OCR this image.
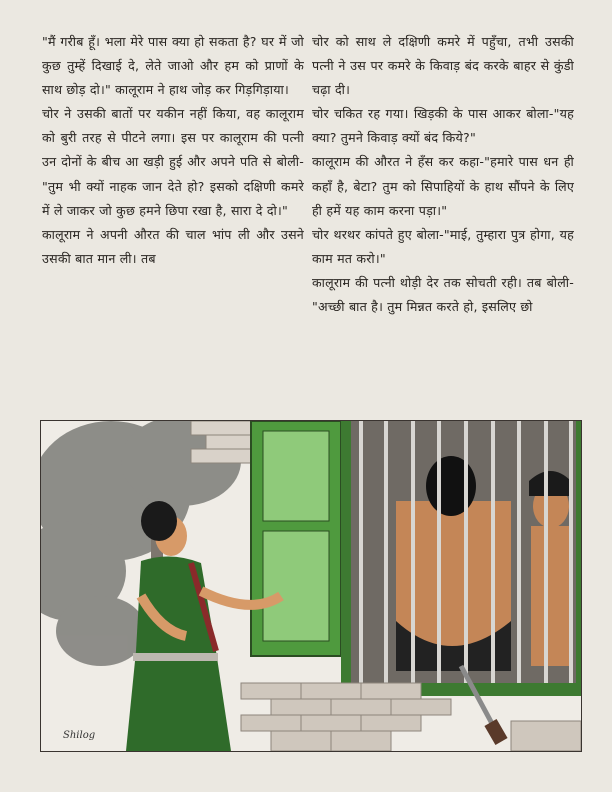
"मैं गरीब हूँ। भला मेरे पास क्या हो सकता है? घर में जो कुछ तुम्हें दिखाई दे, लेते जाओ और हम को प्राणों के साथ छोड़ दो।" कालूराम ने हाथ जोड़ कर गिड़गिड़ाया।

चोर ने उसकी बातों पर यकीन नहीं किया, वह कालूराम को बुरी तरह से पीटने लगा। इस पर कालूराम की पत्नी उन दोनों के बीच आ खड़ी हुई और अपने पति से बोली-"तुम भी क्यों नाहक जान देते हो? इसको दक्षिणी कमरे में ले जाकर जो कुछ हमने छिपा रखा है, सारा दे दो।"

कालूराम ने अपनी औरत की चाल भांप ली और उसने उसकी बात मान ली। तब

चोर को साथ ले दक्षिणी कमरे में पहुँचा, तभी उसकी पत्नी ने उस पर कमरे के किवाड़ बंद करके बाहर से कुंडी चढ़ा दी।

चोर चकित रह गया। खिड़की के पास आकर बोला-"यह क्या? तुमने किवाड़ क्यों बंद किये?"

कालूराम की औरत ने हँस कर कहा-"हमारे पास धन ही कहाँ है, बेटा? तुम को सिपाहियों के हाथ सौंपने के लिए ही हमें यह काम करना पड़ा।"

चोर थरथर कांपते हुए बोला-"माई, तुम्हारा पुत्र होगा, यह काम मत करो।"

कालूराम की पत्नी थोड़ी देर तक सोचती रही। तब बोली-"अच्छी बात है। तुम मिन्नत करते हो, इसलिए छो

Shilog
